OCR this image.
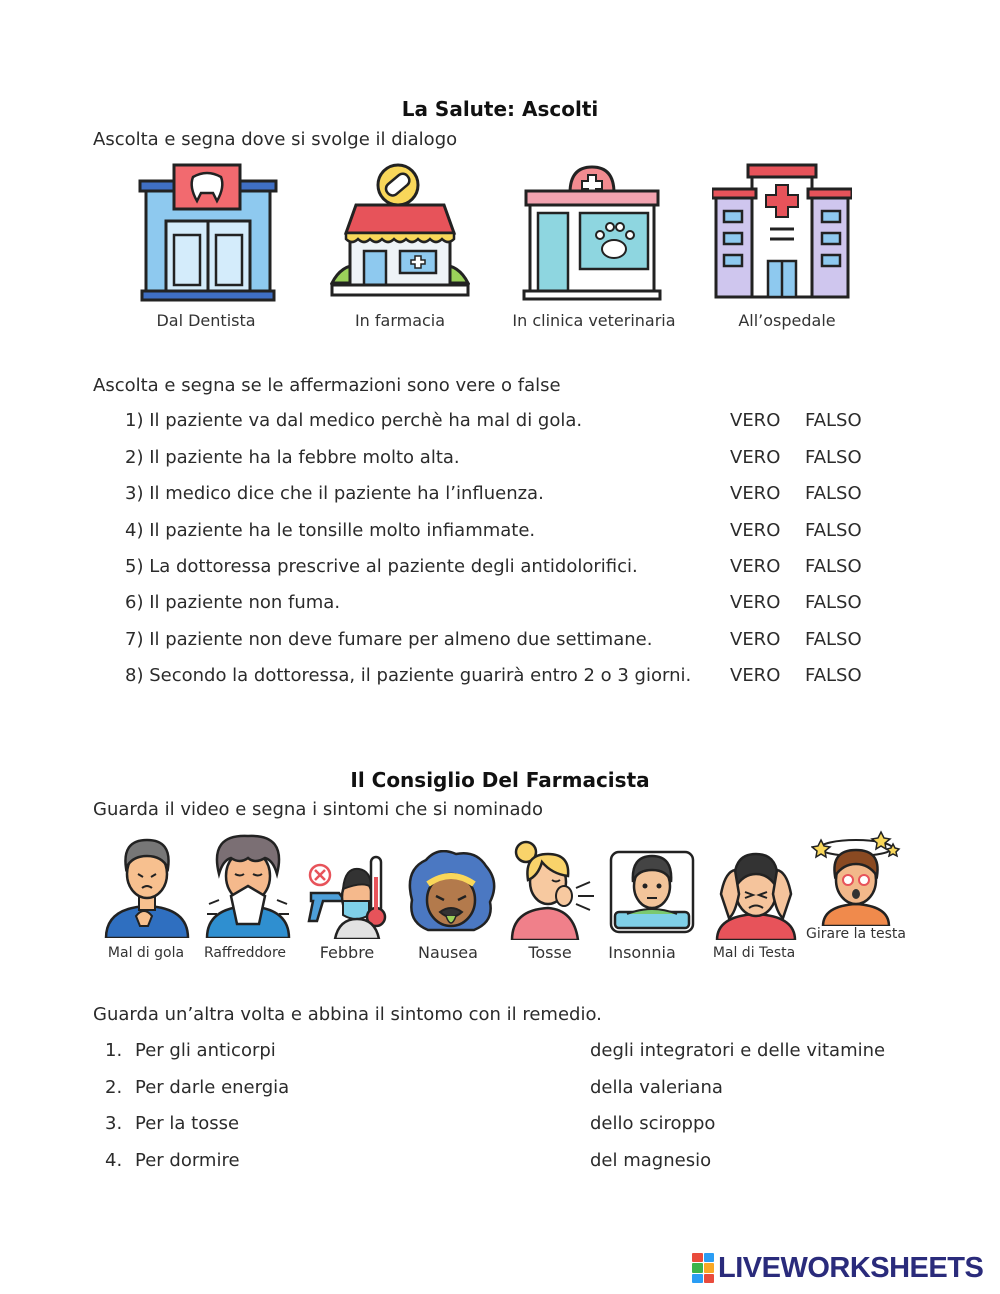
La Salute: Ascolti
Ascolta e segna dove si svolge il dialogo
Dal Dentista	In farmacia	In clinica veterinaria	All’ospedale
Ascolta e segna se le affermazioni sono vere o false
1) Il paziente va dal medico perchè ha mal di gola.	VERO FALSO
2) Il paziente ha la febbre molto alta.	VERO FALSO
3) Il medico dice che il paziente ha l’influenza.	VERO FALSO
4) Il paziente ha le tonsille molto infiammate.	VERO FALSO
5) La dottoressa prescrive al paziente degli antidolorifici.	VERO FALSO
6) Il paziente non fuma.	VERO FALSO
7) Il paziente non deve fumare per almeno due settimane.	VERO FALSO
8) Secondo la dottoressa, il paziente guarirà entro 2 o 3 giorni. VERO FALSO
Il Consiglio Del Farmacista
Guarda il video e segna i sintomi che si nominado
Mal di gola	Raffreddore	Febbre	Nausea	Tosse	Insonnia	Mal di Testa
Girare la testa
Guarda un’altra volta e abbina il sintomo con il remedio.
1. Per gli anticorpi	degli integratori e delle vitamine
2. Per darle energia	della valeriana
3. Per la tosse	dello sciroppo
4. Per dormire	del magnesio
LIVEWORKSHEETS
